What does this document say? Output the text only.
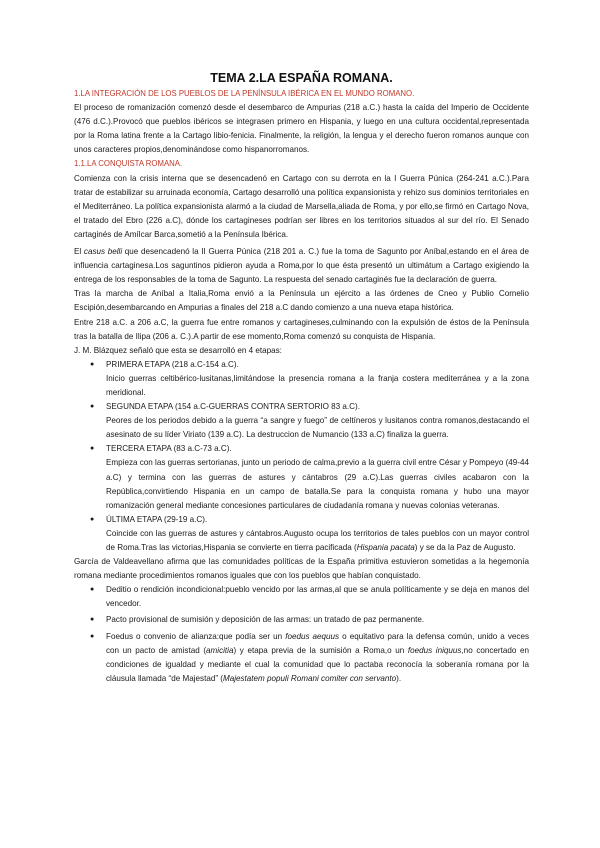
TEMA 2.LA ESPAÑA ROMANA.
1.LA INTEGRACIÓN DE LOS PUEBLOS DE LA PENÍNSULA IBÉRICA EN EL MUNDO ROMANO.

El proceso de romanización comenzó desde el desembarco de Ampurias (218 a.C.) hasta la caída del Imperio de Occidente (476 d.C.).Provocó que pueblos ibéricos se integrasen primero en Hispania, y luego en una cultura occidental,representada por la Roma latina frente a la Cartago libio-fenicia. Finalmente, la religión, la lengua y el derecho fueron romanos aunque con unos caracteres propios,denominándose como hispanorromanos.

1.1.LA CONQUISTA ROMANA.

Comienza con la crisis interna que se desencadenó en Cartago con su derrota en la I Guerra Púnica (264-241 a.C.).Para tratar de estabilizar su arruinada economía, Cartago desarrolló una política expansionista y rehizo sus dominios territoriales en el Mediterráneo. La política expansionista alarmó a la ciudad de Marsella,aliada de Roma, y por ello,se firmó en Cartago Nova, el tratado del Ebro (226 a.C), dónde los cartagineses podrían ser libres en los territorios situados al sur del río. El Senado cartaginés de Amílcar Barca,sometió a la Península Ibérica.

El casus belli que desencadenó la II Guerra Púnica (218 201 a. C.) fue la toma de Sagunto por Aníbal,estando en el área de influencia cartaginesa.Los saguntinos pidieron ayuda a Roma,por lo que ésta presentó un ultimátum a Cartago exigiendo la entrega de los responsables de la toma de Sagunto. La respuesta del senado cartaginés fue la declaración de guerra.

Tras la marcha de Aníbal a Italia,Roma envió a la Península un ejército a las órdenes de Cneo y Publio Cornelio Escipión,desembarcando en Ampurias a finales del 218 a.C dando comienzo a una nueva etapa histórica.

Entre 218 a.C. a 206 a.C, la guerra fue entre romanos y cartagineses,culminando con la expulsión de éstos de la Península tras la batalla de Ilipa (206 a. C.).A partir de ese momento,Roma comenzó su conquista de Hispania.

J. M. Blázquez señaló que esta se desarrolló en 4 etapas:

● PRIMERA ETAPA (218 a.C-154 a.C).
Inicio guerras celtibérico-lusitanas,limitándose la presencia romana a la franja costera mediterránea y a la zona meridional.
● SEGUNDA ETAPA (154 a.C-GUERRAS CONTRA SERTORIO 83 a.C).
Peores de los periodos debido a la guerra “a sangre y fuego” de celtíneros y lusitanos contra romanos,destacando el asesinato de su líder Viriato (139 a.C). La destruccion de Numancio (133 a.C) finaliza la guerra.
● TERCERA ETAPA (83 a.C-73 a.C).
Empieza con las guerras sertorianas, junto un periodo de calma,previo a la guerra civil entre César y Pompeyo (49-44 a.C) y termina con las guerras de astures y cántabros (29 a.C).Las guerras civiles acabaron con la República,convirtiendo Hispania en un campo de batalla.Se para la conquista romana y hubo una mayor romanización general mediante concesiones particulares de ciudadanía romana y nuevas colonias veteranas.
● ÚLTIMA ETAPA (29-19 a.C).
Coincide con las guerras de astures y cántabros.Augusto ocupa los territorios de tales pueblos con un mayor control de Roma.Tras las victorias,Hispania se convierte en tierra pacificada (Hispania pacata) y se da la Paz de Augusto.

García de Valdeavellano afirma que las comunidades políticas de la España primitiva estuvieron sometidas a la hegemonía romana mediante procedimientos romanos iguales que con los pueblos que habían conquistado.

● Deditio o rendición incondicional:pueblo vencido por las armas,al que se anula políticamente y se deja en manos del vencedor.
● Pacto provisional de sumisión y deposición de las armas: un tratado de paz permanente.
● Foedus o convenio de alianza:que podía ser un foedus aequus o equitativo para la defensa común, unido a veces con un pacto de amistad (amicitia) y etapa previa de la sumisión a Roma,o un foedus iniquus,no concertado en condiciones de igualdad y mediante el cual la comunidad que lo pactaba reconocía la soberanía romana por la cláusula llamada “de Majestad” (Majestatem populi Romani comiter con servanto).
